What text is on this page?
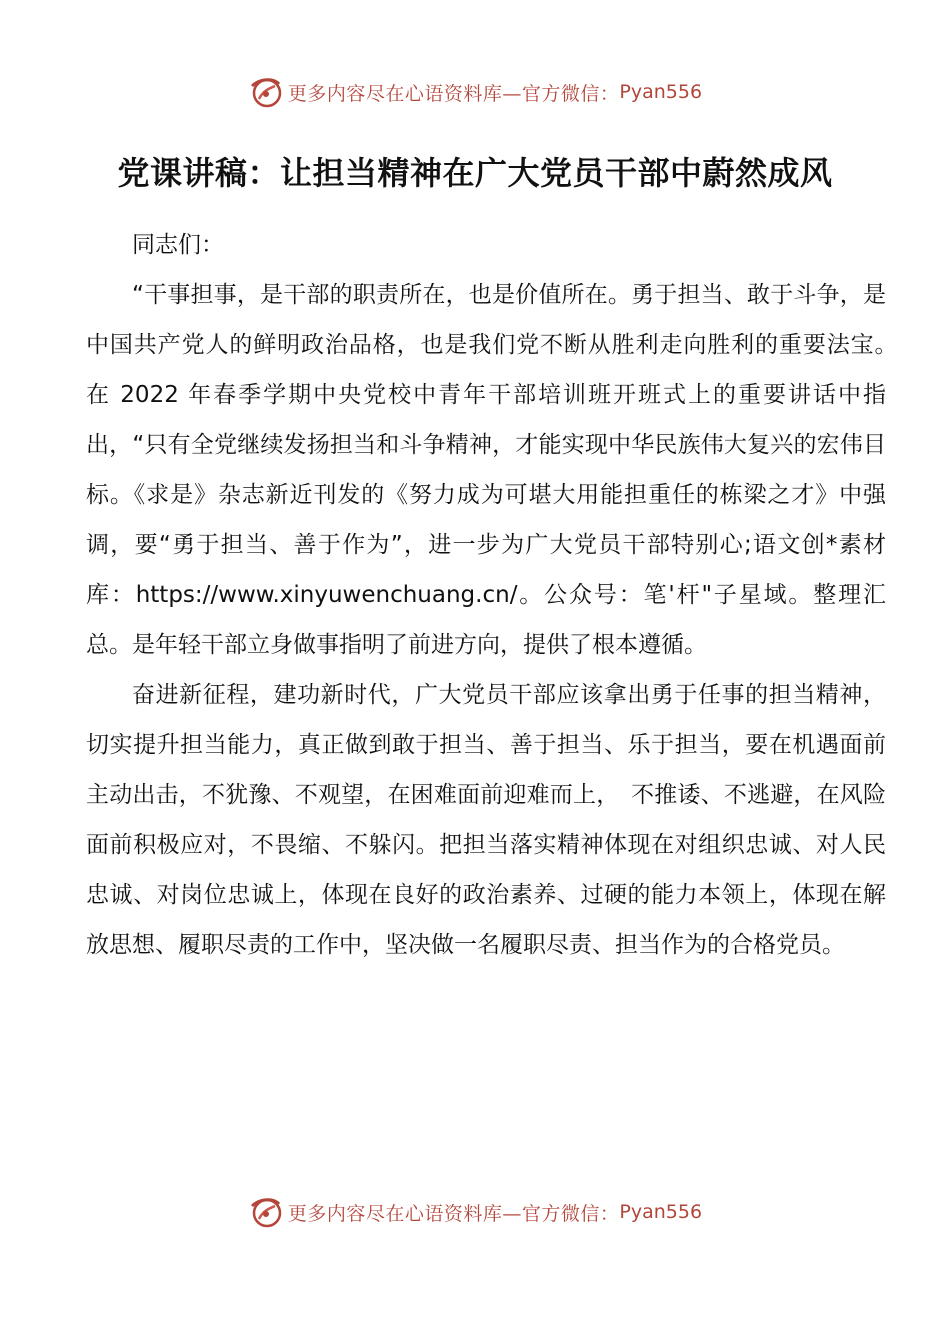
更多内容尽在心语资料库—官方微信： Pyan556
党课讲稿：让担当精神在广大党员干部中蔚然成风

同志们：

“干事担事，是干部的职责所在，也是价值所在。勇于担当、敢于斗争，是中国共产党人的鲜明政治品格，也是我们党不断从胜利走向胜利的重要法宝。　在 2022 年春季学期中央党校中青年干部培训班开班式上的重要讲话中指出，“只有全党继续发扬担当和斗争精神，才能实现中华民族伟大复兴的宏伟目标。《求是》杂志新近刊发的《努力成为可堪大用能担重任的栋梁之才》中强调，要“勇于担当、善于作为”，进一步为广大党员干部特别心;语文创*素材库：https://www.xinyuwenchuang.cn/。公众号：笔'杆"子星域。整理汇总。是年轻干部立身做事指明了前进方向，提供了根本遵循。

奋进新征程，建功新时代，广大党员干部应该拿出勇于任事的担当精神，切实提升担当能力，真正做到敢于担当、善于担当、乐于担当，要在机遇面前主动出击，不犹豫、不观望，在困难面前迎难而上，　不推诿、不逃避，在风险面前积极应对，不畏缩、不躲闪。把担当落实精神体现在对组织忠诚、对人民忠诚、对岗位忠诚上，体现在良好的政治素养、过硬的能力本领上，体现在解放思想、履职尽责的工作中，坚决做一名履职尽责、担当作为的合格党员。

更多内容尽在心语资料库—官方微信： Pyan556
